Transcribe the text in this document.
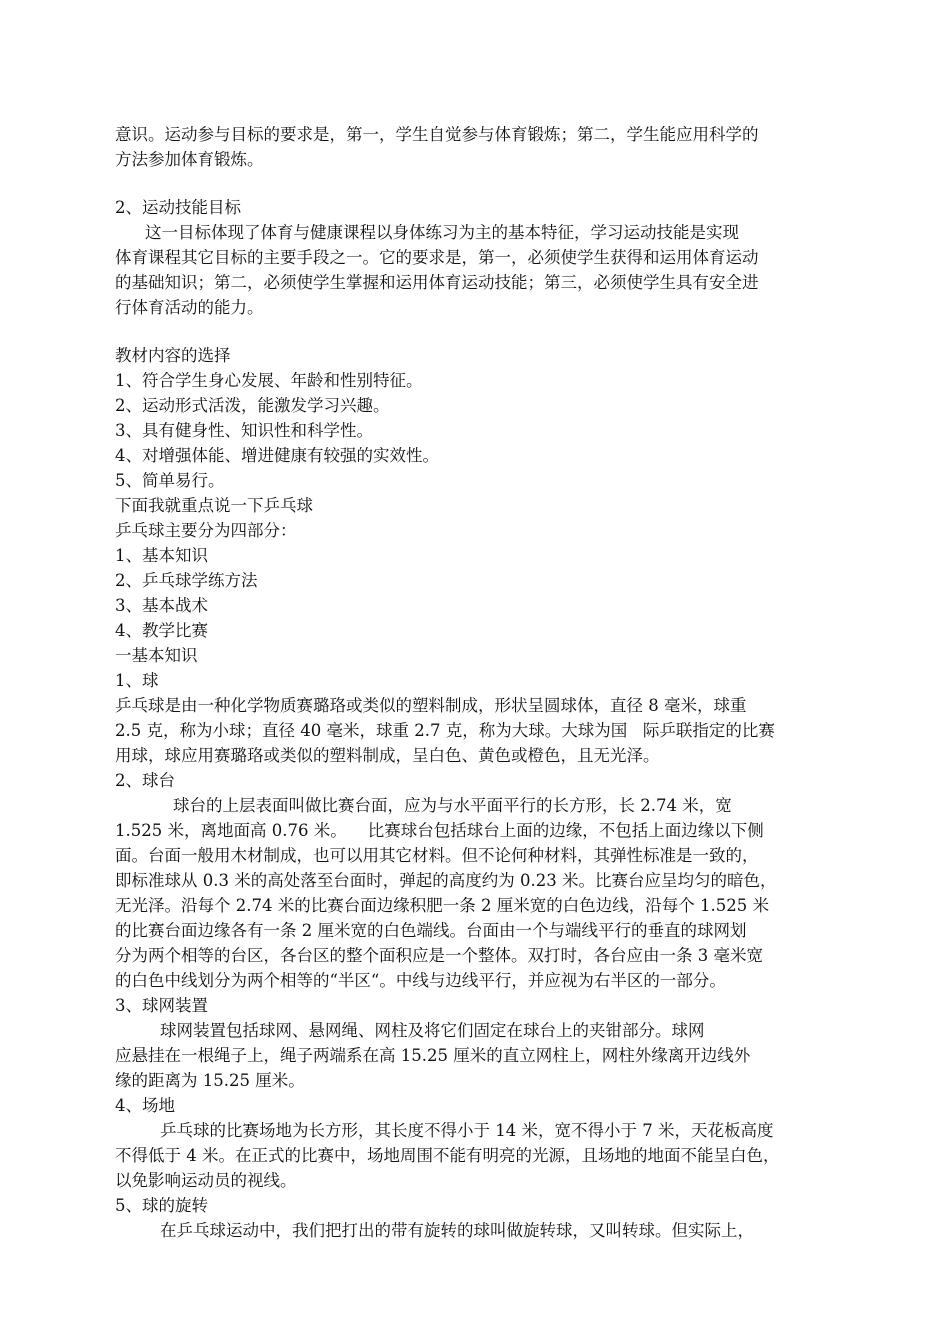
意识。运动参与目标的要求是，第一，学生自觉参与体育锻炼；第二，学生能应用科学的
方法参加体育锻炼。
2、运动技能目标
这一目标体现了体育与健康课程以身体练习为主的基本特征，学习运动技能是实现
体育课程其它目标的主要手段之一。它的要求是，第一，必须使学生获得和运用体育运动
的基础知识；第二，必须使学生掌握和运用体育运动技能；第三，必须使学生具有安全进
行体育活动的能力。
教材内容的选择
1、符合学生身心发展、年龄和性别特征。
2、运动形式活泼，能激发学习兴趣。
3、具有健身性、知识性和科学性。
4、对增强体能、增进健康有较强的实效性。
5、简单易行。
下面我就重点说一下乒乓球
乒乓球主要分为四部分：
1、基本知识
2、乒乓球学练方法
3、基本战术
4、教学比赛
一基本知识
1、球
乒乓球是由一种化学物质赛璐珞或类似的塑料制成，形状呈圆球体，直径 8 毫米，球重
2.5 克，称为小球；直径 40 毫米，球重 2.7 克，称为大球。大球为国   际乒联指定的比赛
用球，球应用赛璐珞或类似的塑料制成，呈白色、黄色或橙色，且无光泽。
2、球台
球台的上层表面叫做比赛台面，应为与水平面平行的长方形，长 2.74 米，宽
1.525 米，离地面高 0.76 米。    比赛球台包括球台上面的边缘，不包括上面边缘以下侧
面。台面一般用木材制成，也可以用其它材料。但不论何种材料，其弹性标准是一致的，
即标准球从 0.3 米的高处落至台面时，弹起的高度约为 0.23 米。比赛台应呈均匀的暗色，
无光泽。沿每个 2.74 米的比赛台面边缘积肥一条 2 厘米宽的白色边线，沿每个 1.525 米
的比赛台面边缘各有一条 2 厘米宽的白色端线。台面由一个与端线平行的垂直的球网划
分为两个相等的台区，各台区的整个面积应是一个整体。双打时，各台应由一条 3 毫米宽
的白色中线划分为两个相等的“半区“。中线与边线平行，并应视为右半区的一部分。
3、球网装置
球网装置包括球网、悬网绳、网柱及将它们固定在球台上的夹钳部分。球网
应悬挂在一根绳子上，绳子两端系在高 15.25 厘米的直立网柱上，网柱外缘离开边线外
缘的距离为 15.25 厘米。
4、场地
乒乓球的比赛场地为长方形，其长度不得小于 14 米，宽不得小于 7 米，天花板高度
不得低于 4 米。在正式的比赛中，场地周围不能有明亮的光源，且场地的地面不能呈白色，
以免影响运动员的视线。
5、球的旋转
在乒乓球运动中，我们把打出的带有旋转的球叫做旋转球，又叫转球。但实际上，
